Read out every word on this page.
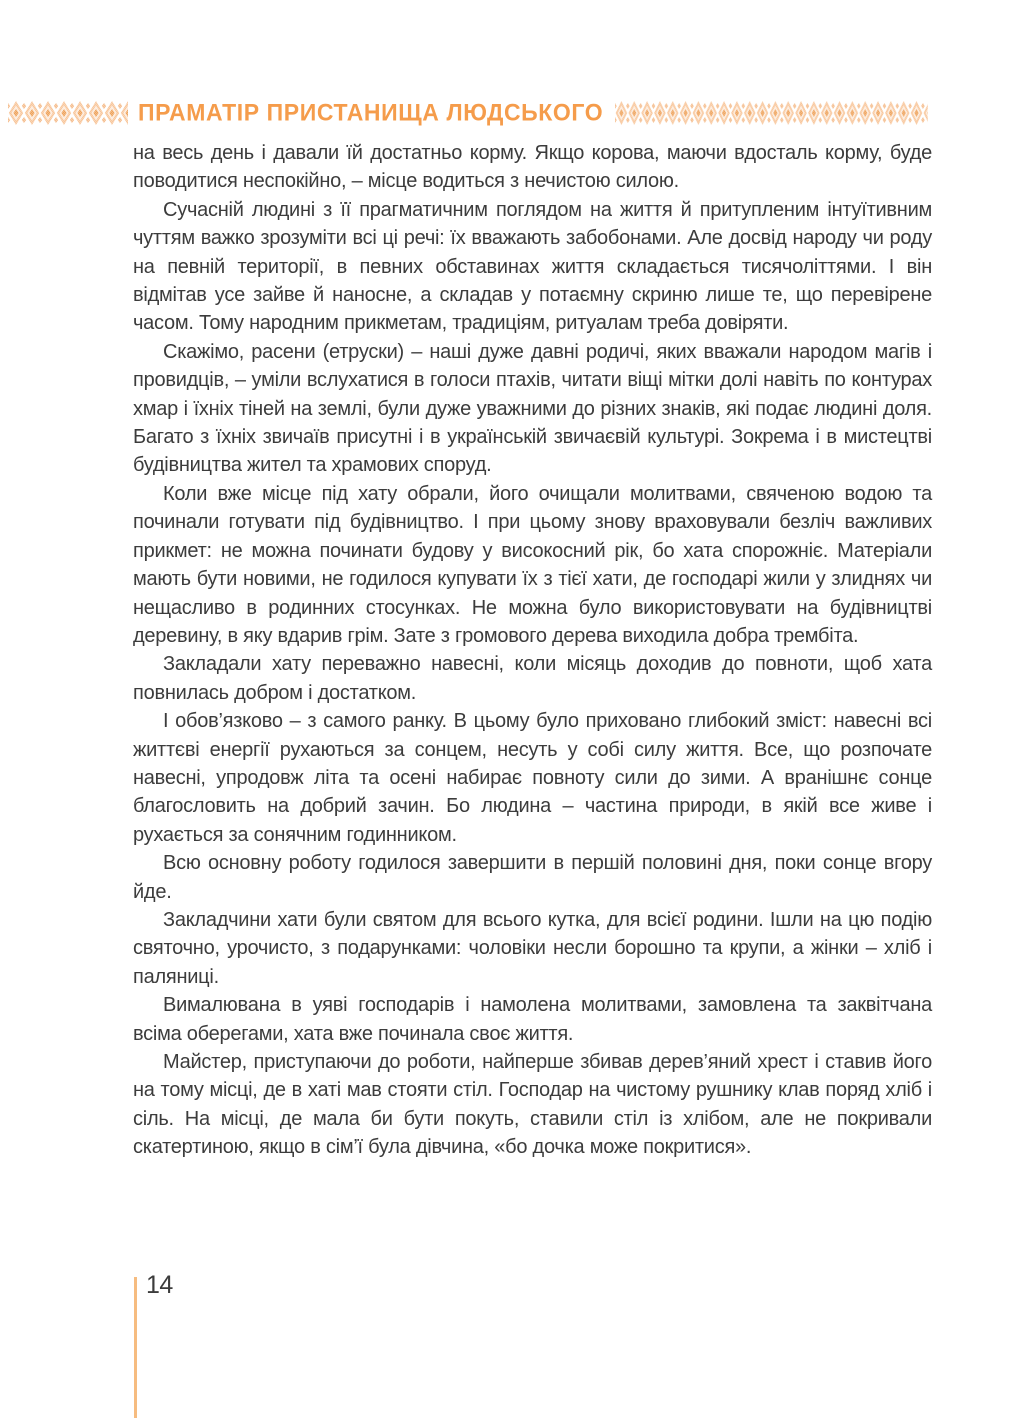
ПРАМАТІР ПРИСТАНИЩА ЛЮДСЬКОГО

на весь день і давали їй достатньо корму. Якщо корова, маючи вдосталь корму, буде поводитися неспокійно, – місце водиться з нечистою силою.

Сучасній людині з її прагматичним поглядом на життя й притупленим інтуїтивним чуттям важко зрозуміти всі ці речі: їх вважають забобонами. Але досвід народу чи роду на певній території, в певних обставинах життя складається тисячоліттями. І він відмітав усе зайве й наносне, а складав у потаємну скриню лише те, що перевірене часом. Тому народним прикметам, традиціям, ритуалам треба довіряти.

Скажімо, расени (етруски) – наші дуже давні родичі, яких вважали народом магів і провидців, – уміли вслухатися в голоси птахів, читати віщі мітки долі навіть по контурах хмар і їхніх тіней на землі, були дуже уважними до різних знаків, які подає людині доля. Багато з їхніх звичаїв присутні і в українській звичаєвій культурі. Зокрема і в мистецтві будівництва жител та храмових споруд.

Коли вже місце під хату обрали, його очищали молитвами, свяченою водою та починали готувати під будівництво. І при цьому знову враховували безліч важливих прикмет: не можна починати будову у високосний рік, бо хата спорожніє. Матеріали мають бути новими, не годилося купувати їх з тієї хати, де господарі жили у злиднях чи нещасливо в родинних стосунках. Не можна було використовувати на будівництві деревину, в яку вдарив грім. Зате з громового дерева виходила добра трембіта.

Закладали хату переважно навесні, коли місяць доходив до повноти, щоб хата повнилась добром і достатком.

І обов’язково – з самого ранку. В цьому було приховано глибокий зміст: навесні всі життєві енергії рухаються за сонцем, несуть у собі силу життя. Все, що розпочате навесні, упродовж літа та осені набирає повноту сили до зими. А вранішнє сонце благословить на добрий зачин. Бо людина – частина природи, в якій все живе і рухається за сонячним годинником.

Всю основну роботу годилося завершити в першій половині дня, поки сонце вгору йде.

Закладчини хати були святом для всього кутка, для всієї родини. Ішли на цю подію святочно, урочисто, з подарунками: чоловіки несли борошно та крупи, а жінки – хліб і паляниці.

Вималювана в уяві господарів і намолена молитвами, замовлена та заквітчана всіма оберегами, хата вже починала своє життя.

Майстер, приступаючи до роботи, найперше збивав дерев’яний хрест і ставив його на тому місці, де в хаті мав стояти стіл. Господар на чистому рушнику клав поряд хліб і сіль. На місці, де мала би бути покуть, ставили стіл із хлібом, але не покривали скатертиною, якщо в сім’ї була дівчина, «бо дочка може покритися».

14
